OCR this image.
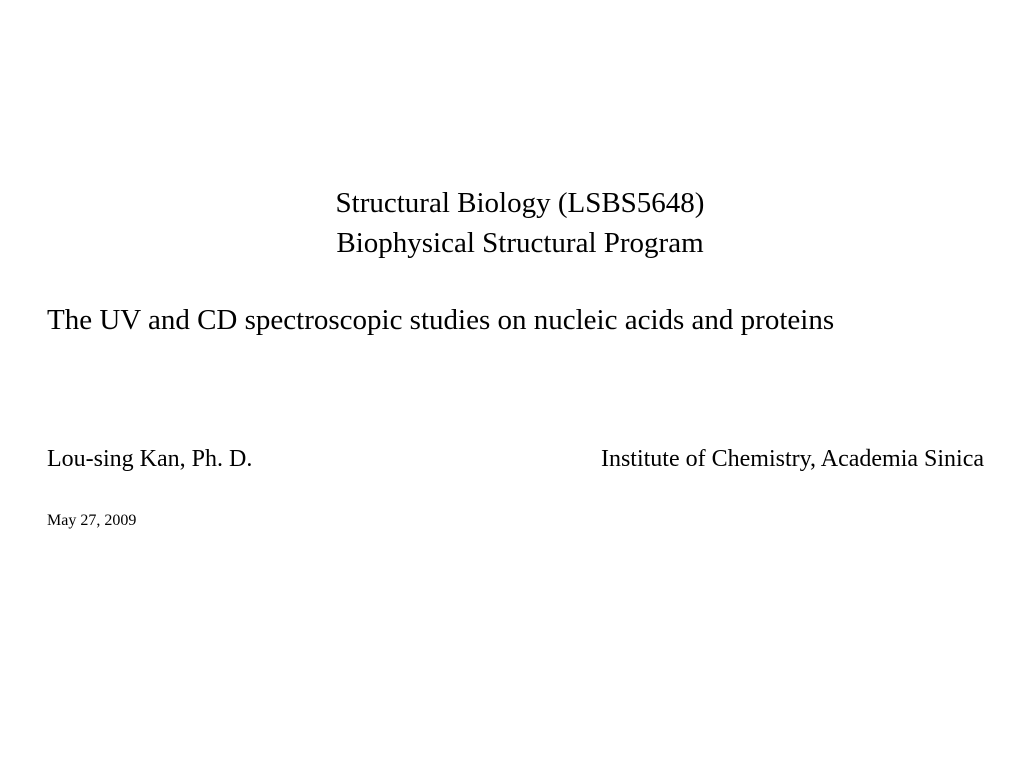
Structural Biology (LSBS5648)
Biophysical Structural Program
The UV and CD spectroscopic studies on nucleic acids and proteins
Lou-sing Kan, Ph. D.	Institute of Chemistry, Academia Sinica
May 27, 2009
